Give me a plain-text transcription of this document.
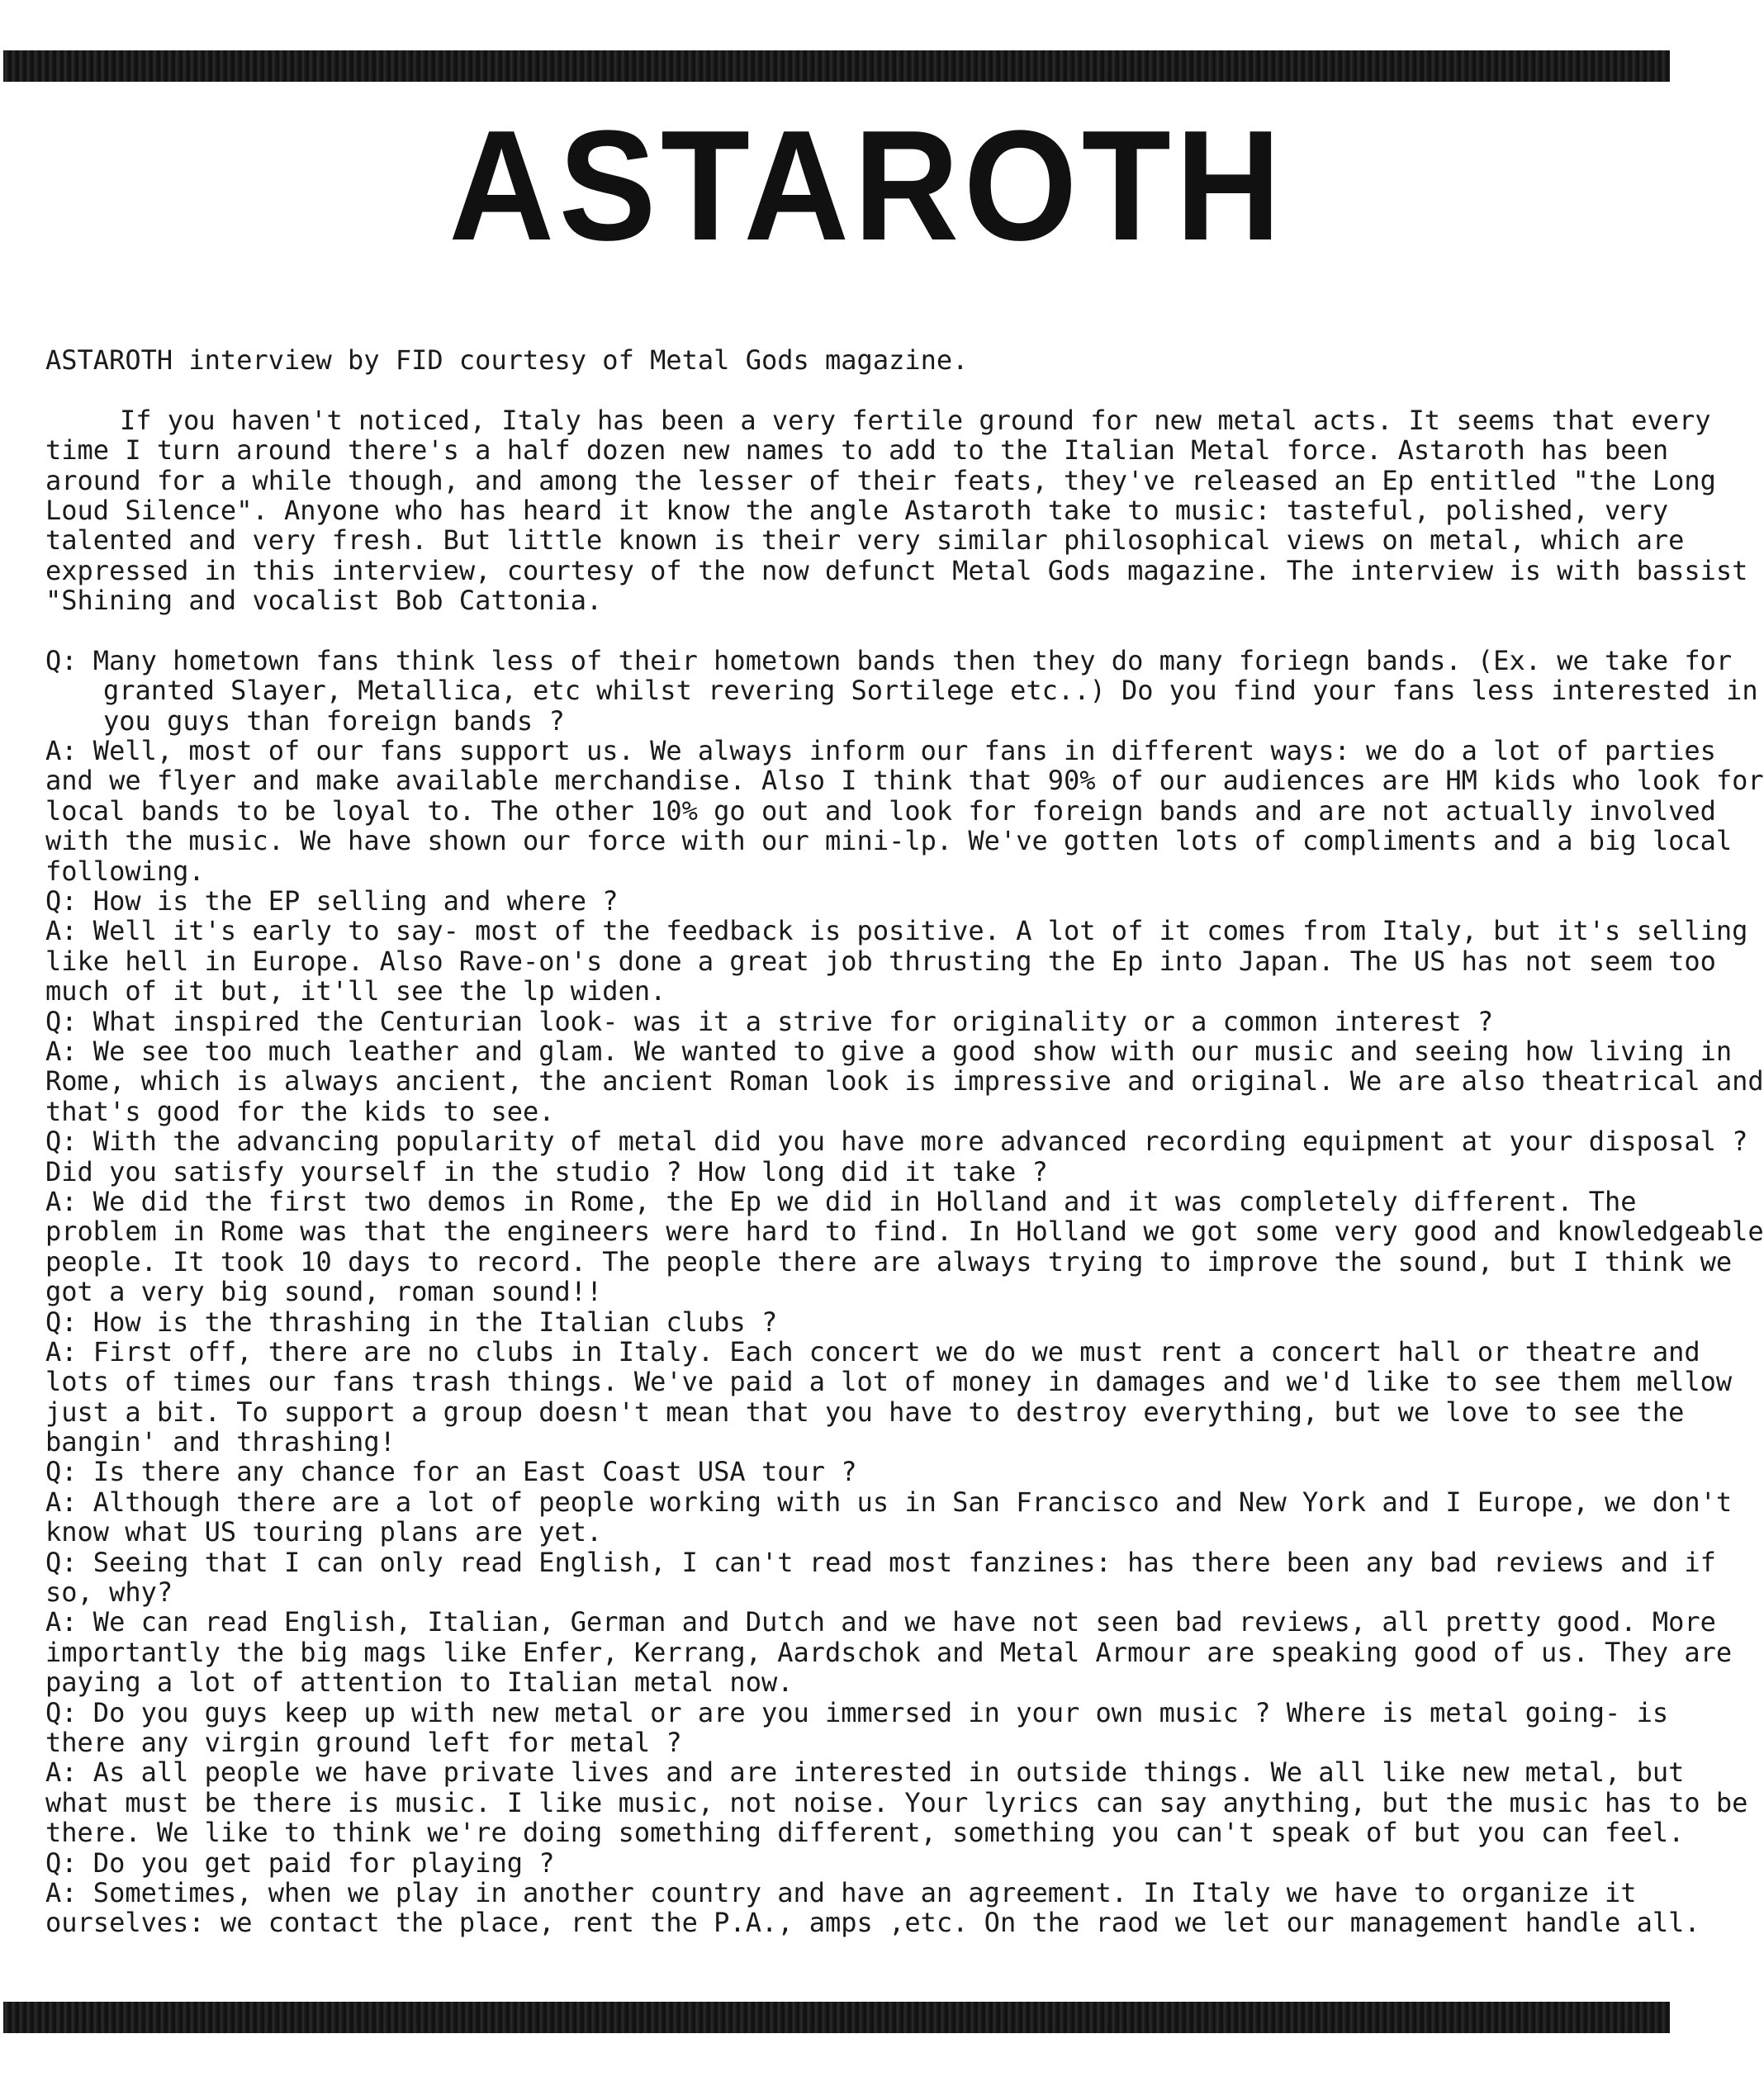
ASTAROTH
ASTAROTH interview by FID courtesy of Metal Gods magazine.
If you haven't noticed, Italy has been a very fertile ground for new metal acts. It seems that every
time I turn around there's a half dozen new names to add to the Italian Metal force. Astaroth has been
around for a while though, and among the lesser of their feats, they've released an Ep entitled "the Long
Loud Silence". Anyone who has heard it know the angle Astaroth take to music: tasteful, polished, very
talented and very fresh. But little known is their very similar philosophical views on metal, which are
expressed in this interview, courtesy of the now defunct Metal Gods magazine. The interview is with bassist
"Shining and vocalist Bob Cattonia.
Q: Many hometown fans think less of their hometown bands then they do many foriegn bands. (Ex. we take for
granted Slayer, Metallica, etc whilst revering Sortilege etc..) Do you find your fans less interested in
you guys than foreign bands ?
A: Well, most of our fans support us. We always inform our fans in different ways: we do a lot of parties
and we flyer and make available merchandise. Also I think that 90% of our audiences are HM kids who look for
local bands to be loyal to. The other 10% go out and look for foreign bands and are not actually involved
with the music. We have shown our force with our mini-lp. We've gotten lots of compliments and a big local
following.
Q: How is the EP selling and where ?
A: Well it's early to say- most of the feedback is positive. A lot of it comes from Italy, but it's selling
like hell in Europe. Also Rave-on's done a great job thrusting the Ep into Japan. The US has not seem too
much of it but, it'll see the lp widen.
Q: What inspired the Centurian look- was it a strive for originality or a common interest ?
A: We see too much leather and glam. We wanted to give a good show with our music and seeing how living in
Rome, which is always ancient, the ancient Roman look is impressive and original. We are also theatrical and
that's good for the kids to see.
Q: With the advancing popularity of metal did you have more advanced recording equipment at your disposal ?
Did you satisfy yourself in the studio ? How long did it take ?
A: We did the first two demos in Rome, the Ep we did in Holland and it was completely different. The
problem in Rome was that the engineers were hard to find. In Holland we got some very good and knowledgeable
people. It took 10 days to record. The people there are always trying to improve the sound, but I think we
got a very big sound, roman sound!!
Q: How is the thrashing in the Italian clubs ?
A: First off, there are no clubs in Italy. Each concert we do we must rent a concert hall or theatre and
lots of times our fans trash things. We've paid a lot of money in damages and we'd like to see them mellow
just a bit. To support a group doesn't mean that you have to destroy everything, but we love to see the
bangin' and thrashing!
Q: Is there any chance for an East Coast USA tour ?
A: Although there are a lot of people working with us in San Francisco and New York and I Europe, we don't
know what US touring plans are yet.
Q: Seeing that I can only read English, I can't read most fanzines: has there been any bad reviews and if
so, why?
A: We can read English, Italian, German and Dutch and we have not seen bad reviews, all pretty good. More
importantly the big mags like Enfer, Kerrang, Aardschok and Metal Armour are speaking good of us. They are
paying a lot of attention to Italian metal now.
Q: Do you guys keep up with new metal or are you immersed in your own music ? Where is metal going- is
there any virgin ground left for metal ?
A: As all people we have private lives and are interested in outside things. We all like new metal, but
what must be there is music. I like music, not noise. Your lyrics can say anything, but the music has to be
there. We like to think we're doing something different, something you can't speak of but you can feel.
Q: Do you get paid for playing ?
A: Sometimes, when we play in another country and have an agreement. In Italy we have to organize it
ourselves: we contact the place, rent the P.A., amps ,etc. On the raod we let our management handle all.
